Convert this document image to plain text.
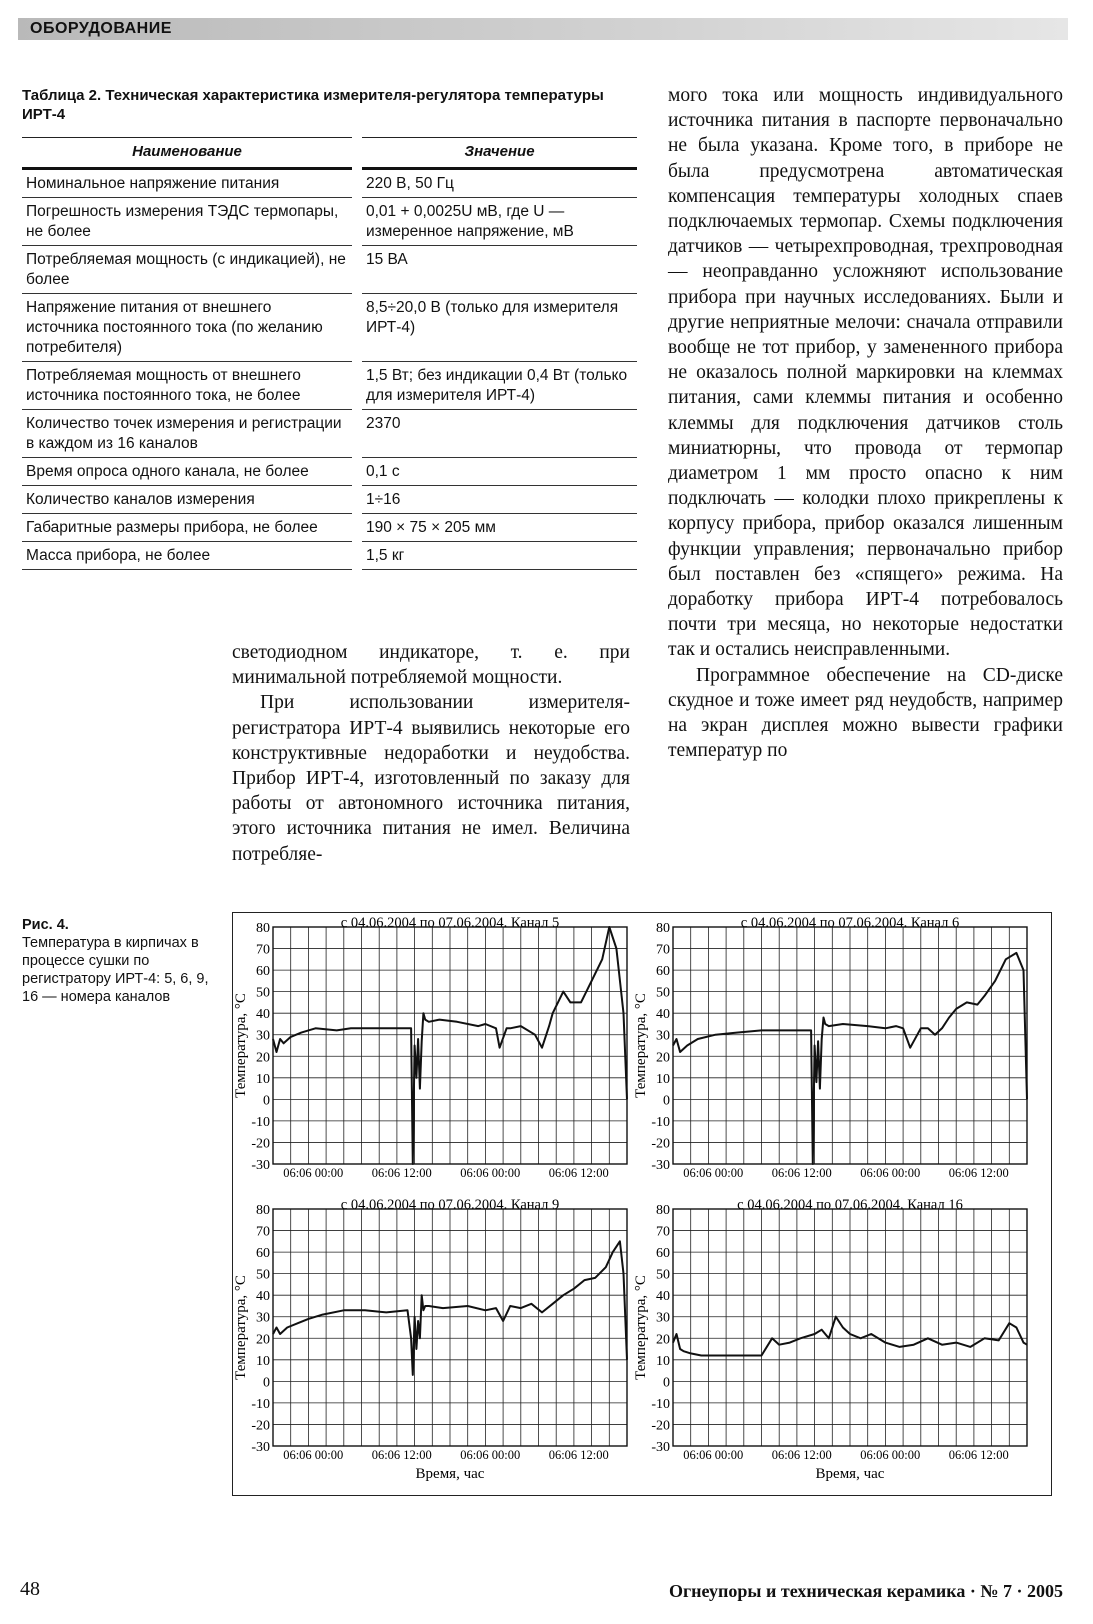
ОБОРУДОВАНИЕ
Таблица 2. Техническая характеристика измерителя-регулятора температуры ИРТ-4
Наименование		Значение
Номинальное напряжение питания		220 В, 50 Гц
Погрешность измерения ТЭДС термопары, не более		0,01 + 0,0025U мВ, где U — измеренное напряжение, мВ
Потребляемая мощность (с индикацией), не более		15 ВА
Напряжение питания от внешнего источника постоянного тока (по желанию потребителя)		8,5÷20,0 В (только для измерителя ИРТ-4)
Потребляемая мощность от внешнего источника постоянного тока, не более		1,5 Вт; без индикации 0,4 Вт (только для измерителя ИРТ-4)
Количество точек измерения и регистрации в каждом из 16 каналов		2370
Время опроса одного канала, не более		0,1 с
Количество каналов измерения		1÷16
Габаритные размеры прибора, не более		190 × 75 × 205 мм
Масса прибора, не более		1,5 кг

мого тока или мощность индивидуального источника питания в паспорте первоначально не была указана. Кроме того, в приборе не была предусмотрена автоматическая компенсация температуры холодных спаев подключаемых термопар. Схемы подключения датчиков — четырехпроводная, трехпроводная — неоправданно усложняют использование прибора при научных исследованиях. Были и другие неприятные мелочи: сначала отправили вообще не тот прибор, у замененного прибора не оказалось полной маркировки на клеммах питания, сами клеммы питания и особенно клеммы для подключения датчиков столь миниатюрны, что провода от термопар диаметром 1 мм просто опасно к ним подключать — колодки плохо прикреплены к корпусу прибора, прибор оказался лишенным функции управления; первоначально прибор был поставлен без «спящего» режима. На доработку прибора ИРТ-4 потребовалось почти три месяца, но некоторые недостатки так и остались неисправленными.

Программное обеспечение на CD-диске скудное и тоже имеет ряд неудобств, например на экран дисплея можно вывести графики температур по

светодиодном индикаторе, т. е. при минимальной потребляемой мощности.

При использовании измерителя-регистратора ИРТ-4 выявились некоторые его конструктивные недоработки и неудобства. Прибор ИРТ-4, изготовленный по заказу для работы от автономного источника питания, этого источника питания не имел. Величина потребляе-

Рис. 4.
Температура в кирпичах в процессе сушки по регистратору ИРТ-4: 5, 6, 9, 16 — номера каналов
с 04.06.2004 по 07.06.2004. Канал 5
80
70
60
50
40
30
20
10
0
-10
-20
-30 06:06 00:00 06:06 12:00 06:06 00:00 06:06 12:00
Температура, °С
с 04.06.2004 по 07.06.2004. Канал 6
80
70
60
50
40
30
20
10
0
-10
-20
-30 06:06 00:00 06:06 12:00 06:06 00:00 06:06 12:00
Температура, °С
с 04.06.2004 по 07.06.2004. Канал 9
80
70
60
50
40
30
20
10
0
-10
-20
-30 06:06 00:00 06:06 12:00 06:06 00:00 06:06 12:00
Температура, °С
Время, час
с 04.06.2004 по 07.06.2004. Канал 16
80
70
60
50
40
30
20
10
0
-10
-20
-30 06:06 00:00 06:06 12:00 06:06 00:00 06:06 12:00
Температура, °С
Время, час
48	Огнеупоры и техническая керамика · № 7 · 2005
